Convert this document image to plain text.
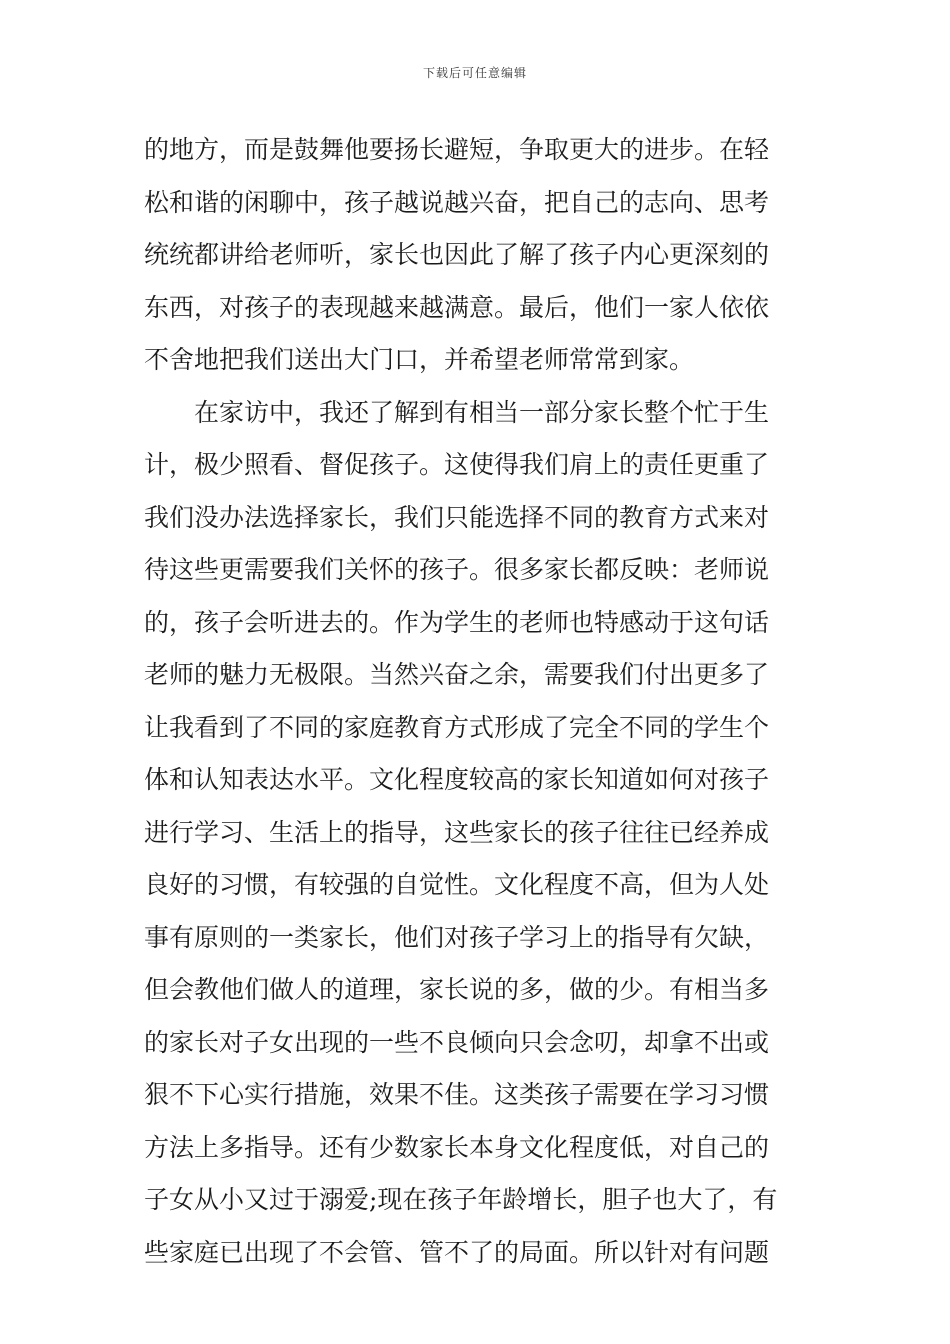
下载后可任意编辑
的地方，而是鼓舞他要扬长避短，争取更大的进步。在轻
松和谐的闲聊中，孩子越说越兴奋，把自己的志向、思考
统统都讲给老师听，家长也因此了解了孩子内心更深刻的
东西，对孩子的表现越来越满意。最后，他们一家人依依
不舍地把我们送出大门口，并希望老师常常到家。
在家访中，我还了解到有相当一部分家长整个忙于生
计，极少照看、督促孩子。这使得我们肩上的责任更重了
我们没办法选择家长，我们只能选择不同的教育方式来对
待这些更需要我们关怀的孩子。很多家长都反映：老师说
的，孩子会听进去的。作为学生的老师也特感动于这句话
老师的魅力无极限。当然兴奋之余，需要我们付出更多了
让我看到了不同的家庭教育方式形成了完全不同的学生个
体和认知表达水平。文化程度较高的家长知道如何对孩子
进行学习、生活上的指导，这些家长的孩子往往已经养成
良好的习惯，有较强的自觉性。文化程度不高，但为人处
事有原则的一类家长，他们对孩子学习上的指导有欠缺，
但会教他们做人的道理，家长说的多，做的少。有相当多
的家长对子女出现的一些不良倾向只会念叨，却拿不出或
狠不下心实行措施，效果不佳。这类孩子需要在学习习惯
方法上多指导。还有少数家长本身文化程度低，对自己的
子女从小又过于溺爱;现在孩子年龄增长，胆子也大了，有
些家庭已出现了不会管、管不了的局面。所以针对有问题
